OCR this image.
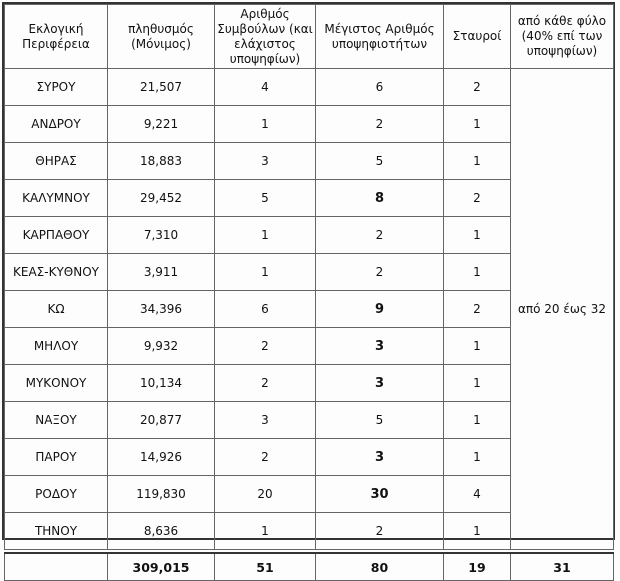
Εκλογική Περιφέρεια	πληθυσμός (Μόνιμος)	Αριθμός Συμβούλων (και ελάχιστος υποψηφίων)	Μέγιστος Αριθμός υποψηφιοτήτων	Σταυροί	από κάθε φύλο (40% επί των υποψηφίων)
ΣΥΡΟΥ	21,507	4	6	2	από 20 έως 32
ΑΝΔΡΟΥ	9,221	1	2	1	
ΘΗΡΑΣ	18,883	3	5	1	
ΚΑΛΥΜΝΟΥ	29,452	5	8	2	
ΚΑΡΠΑΘΟΥ	7,310	1	2	1	
ΚΕΑΣ-ΚΥΘΝΟΥ	3,911	1	2	1	
ΚΩ	34,396	6	9	2	
ΜΗΛΟΥ	9,932	2	3	1	
ΜΥΚΟΝΟΥ	10,134	2	3	1	
ΝΑΞΟΥ	20,877	3	5	1	
ΠΑΡΟΥ	14,926	2	3	1	
ΡΟΔΟΥ	119,830	20	30	4	
ΤΗΝΟΥ	8,636	1	2	1	

	309,015	51	80	19	31
